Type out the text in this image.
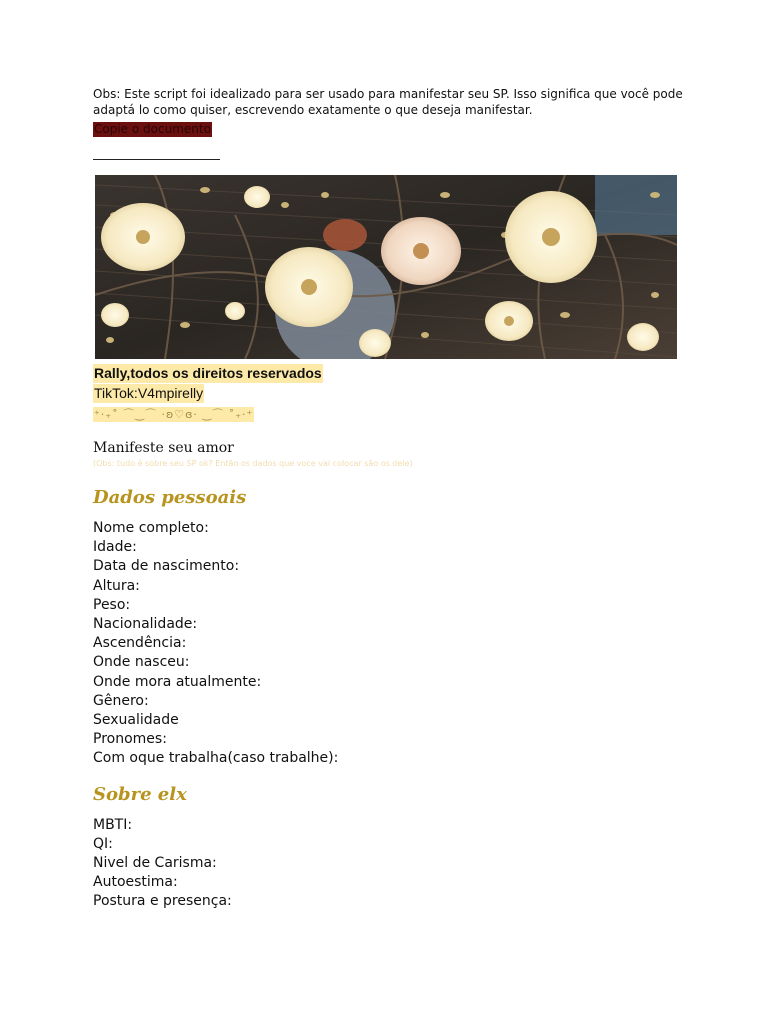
Obs: Este script foi idealizado para ser usado para manifestar seu SP. Isso significa que você pode adaptá lo como quiser, escrevendo exatamente o que deseja manifestar.

Copie o documento
Rally,todos os direitos reservados
TikTok:V4mpirelly
⁺‧₊˚ ⌒‿⌒ ·ʚ♡ɞ· ‿⌒ ˚₊‧⁺
Manifeste seu amor
(Obs: tudo é sobre seu SP ok? Então os dados que voce vai colocar são os dele)
Dados pessoais
Nome completo:
Idade:
Data de nascimento:
Altura:
Peso:
Nacionalidade:
Ascendência:
Onde nasceu:
Onde mora atualmente:
Gênero:
Sexualidade
Pronomes:
Com oque trabalha(caso trabalhe):
Sobre elx
MBTI:
QI:
Nivel de Carisma:
Autoestima:
Postura e presença:
